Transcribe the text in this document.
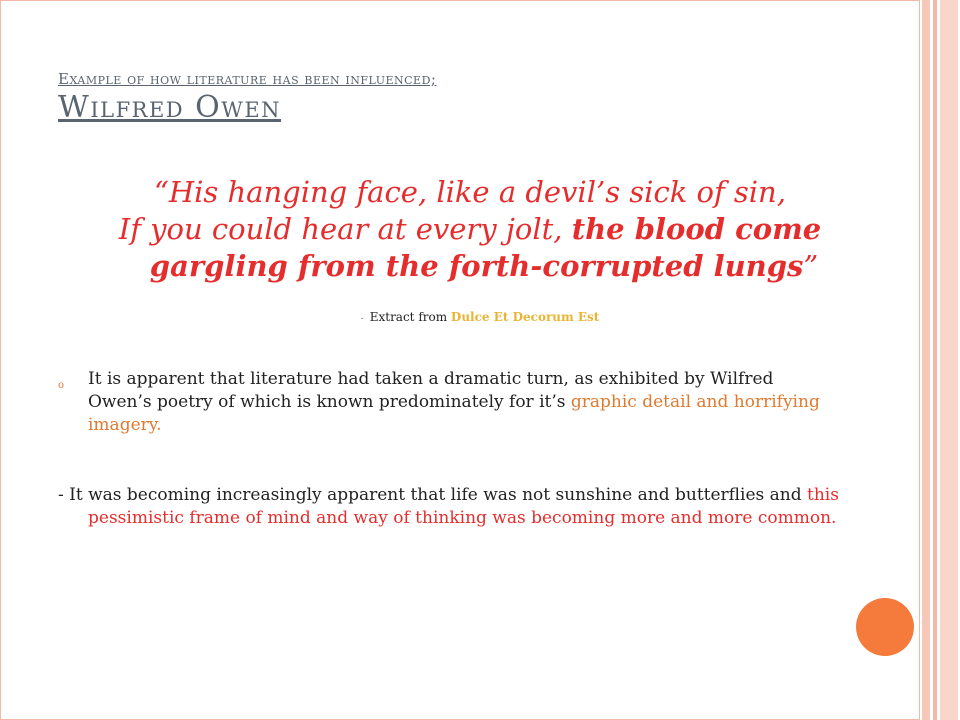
Example of how literature has been influenced;
Wilfred Owen
“His hanging face, like a devil’s sick of sin,
If you could hear at every jolt, the blood come gargling from the forth-corrupted lungs”
- Extract from Dulce Et Decorum Est
o	It is apparent that literature had taken a dramatic turn, as exhibited by Wilfred Owen’s poetry of which is known predominately for it’s graphic detail and horrifying imagery.
- It was becoming increasingly apparent that life was not sunshine and butterflies and this pessimistic frame of mind and way of thinking was becoming more and more common.
